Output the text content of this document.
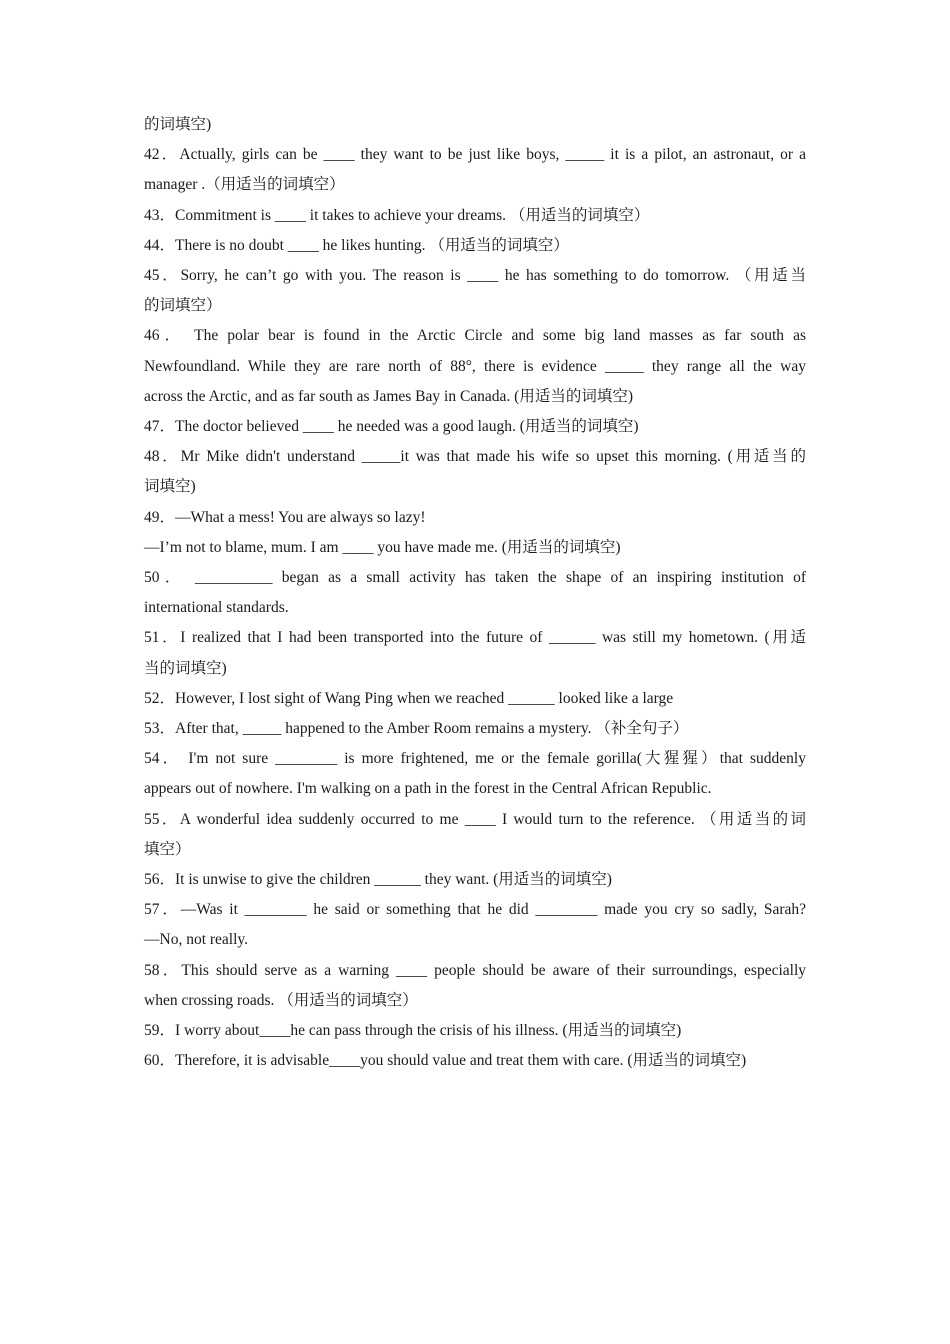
的词填空)
42．Actually, girls can be ____ they want to be just like boys, _____ it is a pilot, an astronaut, or a
manager .（用适当的词填空）
43．Commitment is ____ it takes to achieve your dreams. （用适当的词填空）
44．There is no doubt ____ he likes hunting. （用适当的词填空）
45．Sorry, he can’t go with you. The reason is ____ he has something to do tomorrow. （用适当
的词填空）
46． The polar bear is found in the Arctic Circle and some big land masses as far south as
Newfoundland. While they are rare north of 88°, there is evidence _____ they range all the way
across the Arctic, and as far south as James Bay in Canada. (用适当的词填空)
47．The doctor believed ____ he needed was a good laugh. (用适当的词填空)
48．Mr Mike didn't understand _____it was that made his wife so upset this morning. (用适当的
词填空)
49．—What a mess! You are always so lazy!
—I’m not to blame, mum. I am ____ you have made me. (用适当的词填空)
50． __________ began as a small activity has taken the shape of an inspiring institution of
international standards.
51．I realized that I had been transported into the future of ______ was still my hometown. (用适
当的词填空)
52．However, I lost sight of Wang Ping when we reached ______ looked like a large
53．After that, _____ happened to the Amber Room remains a mystery. （补全句子）
54． I'm not sure ________ is more frightened, me or the female gorilla(大猩猩）that suddenly
appears out of nowhere. I'm walking on a path in the forest in the Central African Republic.
55．A wonderful idea suddenly occurred to me ____ I would turn to the reference. （用适当的词
填空）
56．It is unwise to give the children ______ they want. (用适当的词填空)
57．—Was it ________ he said or something that he did ________ made you cry so sadly, Sarah?
—No, not really.
58．This should serve as a warning ____ people should be aware of their surroundings, especially
when crossing roads. （用适当的词填空）
59．I worry about____he can pass through the crisis of his illness. (用适当的词填空)
60．Therefore, it is advisable____you should value and treat them with care. (用适当的词填空)
